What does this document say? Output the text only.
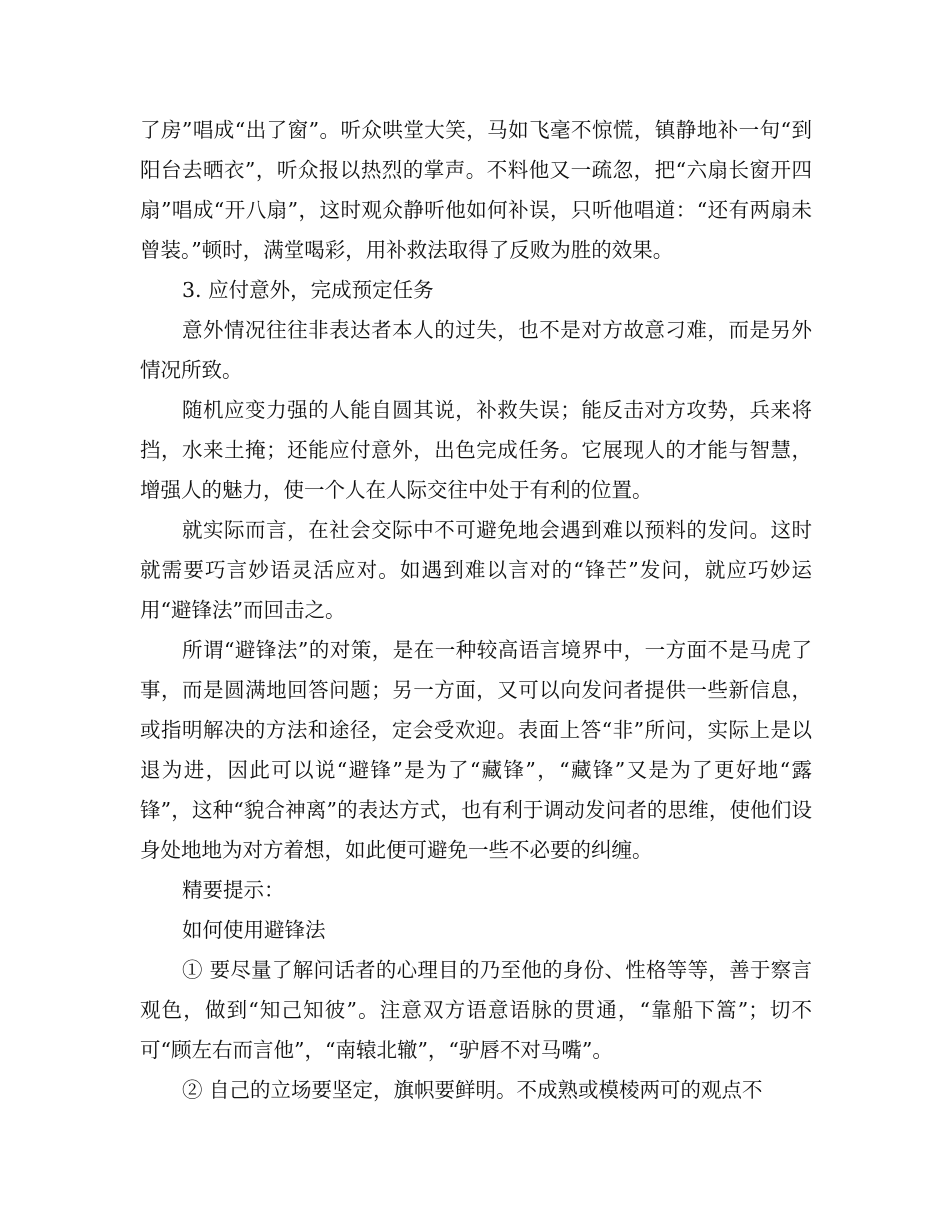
了房”唱成“出了窗”。听众哄堂大笑，马如飞毫不惊慌，镇静地补一句“到阳台去晒衣”，听众报以热烈的掌声。不料他又一疏忽，把“六扇长窗开四扇”唱成“开八扇”，这时观众静听他如何补误，只听他唱道：“还有两扇未曾装。”顿时，满堂喝彩，用补救法取得了反败为胜的效果。

3. 应付意外，完成预定任务

意外情况往往非表达者本人的过失，也不是对方故意刁难，而是另外情况所致。

随机应变力强的人能自圆其说，补救失误；能反击对方攻势，兵来将挡，水来土掩；还能应付意外，出色完成任务。它展现人的才能与智慧，增强人的魅力，使一个人在人际交往中处于有利的位置。

就实际而言，在社会交际中不可避免地会遇到难以预料的发问。这时就需要巧言妙语灵活应对。如遇到难以言对的“锋芒”发问，就应巧妙运用“避锋法”而回击之。

所谓“避锋法”的对策，是在一种较高语言境界中，一方面不是马虎了事，而是圆满地回答问题；另一方面，又可以向发问者提供一些新信息，或指明解决的方法和途径，定会受欢迎。表面上答“非”所问，实际上是以退为进，因此可以说“避锋”是为了“藏锋”，“藏锋”又是为了更好地“露锋”，这种“貌合神离”的表达方式，也有利于调动发问者的思维，使他们设身处地地为对方着想，如此便可避免一些不必要的纠缠。

精要提示：

如何使用避锋法

① 要尽量了解问话者的心理目的乃至他的身份、性格等等，善于察言观色，做到“知己知彼”。注意双方语意语脉的贯通，“靠船下篙”；切不可“顾左右而言他”，“南辕北辙”，“驴唇不对马嘴”。

② 自己的立场要坚定，旗帜要鲜明。不成熟或模棱两可的观点不
